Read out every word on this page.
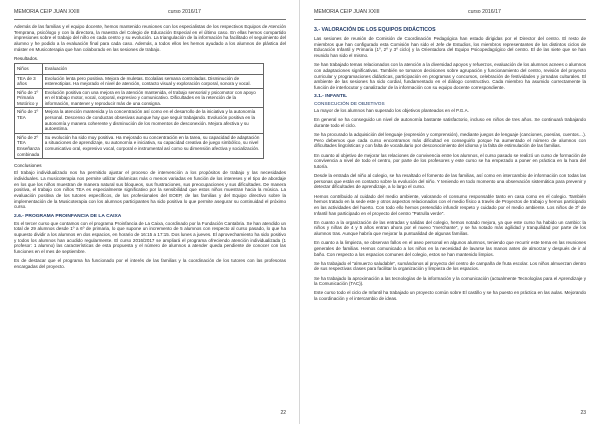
MEMORIA CEIP JUAN XXIII	curso 2016/17

Además de las familias y el equipo docente, hemos mantenido reuniones con los especialistas de los respectivos Equipos de Atención Temprana, psicólogo y con la directora, la maestra del Colegio de Educación Especial en el último caso. En ellas hemos compartido impresiones sobre el trabajo del niño en cada centro y su evolución. La triangulación de la información ha facilitado el seguimiento del alumno y he podido a la evaluación final para cada caso. Además, a todos ellos les hemos ayudado a los alumnos de plástica del máster en Musicoterapia que han colaborado en las sesiones de trabajo.

Resultados.
Niños	Evaluación
TEA de 3 años	Evolución lenta pero positiva. Mejora de muletas. Ecolalias semana controladas. Disminución de estereotipias. Ha mejorado el nivel de atención, contacto visual y exploración corporal, sonora y vocal.
Niño de 1º Primaria Motórico y	Evolución positiva con una mejora en la atención mantenida, el trabajo sensorial y psicomotor con apoyo en el trabajo motor, vocal, corporal, expresivo y comunicativo. Dificultades en la retención de la información, mantener y reproducir más de una consigna.
Niño de 1º TEA	Mejora la atención mantenida y la concentración así como en el desarrollo de la iniciativa y la autonomía personal. Descenso de conductas obsesivas aunque hay que seguir trabajando. Evolución positiva en la autonomía y manera coherente y disminución de los momentos de desconexión. Mejora afectiva y su autoestima.
Niño de 2º TEA Enseñanza combinada	Su evolución ha sido muy positiva. Ha mejorado su concentración en la tarea, su capacidad de adaptación a situaciones de aprendizaje, su autonomía e iniciativa, su capacidad creativa de juego simbólico, su nivel comunicativo oral, expresivo vocal, corporal e instrumental así como su dimensión afectiva y socialización.
Conclusiones

El trabajo individualizado nos ha permitido ajustar el proceso de intervención a los propósitos de trabajo y las necesidades individuales. La musicoterapia nos permite utilizar dinámicas más o menos variadas en función de los intereses y el tipo de abordaje en los que los niños muestran de manera natural sus bloqueos, sus frustraciones, sus preocupaciones y sus dificultades. De manera positiva, el trabajo con niños TEA es especialmente significativo por la sensibilidad que estos niños muestran hacia la música. La evaluación positiva de los tutores específicos, de los profesionales del EOEP, de las familias y del Equipo directivo sobre la implementación de la Musicoterapia con los alumnos participantes ha sido positiva lo que permite asegurar su continuidad el próximo curso.

2.6.- PROGRAMA PROINFANCIA DE LA CAIXA

Es el tercer curso que contamos con el programa Proinfancia de La Caixa, coordinado por la Fundación Cantabria. Se han atendido un total de 29 alumnos desde 1º a 6º de primaria, lo que supone un incremento de 5 alumnos con respecto al curso pasado, lo que ha supuesto dividir a los alumnos en dos espacios, en horario de 16:15 a 17:15. Dos lunes a jueves. El aprovechamiento ha sido positivo y todos los alumnos han acudido regularmente. El curso 2016/2017 se ampliará el programa ofreciendo atención individualizada (1 profesor: 1 alumno) las características de esta propuesta y el número de alumnos a atender queda pendiente de conocer con las funciones en el mes de septiembre.

Es de destacar que el programa ha funcionado por el interés de las familias y la coordinación de los tutores con las profesoras encargadas del proyecto.

22
MEMORIA CEIP JUAN XXIII	curso 2016/17
3.- VALORACIÓN DE LOS EQUIPOS DIDÁCTICOS

Las sesiones de reunión de Comisión de Coordinación Pedagógica han estado dirigidas por el Director del centro. El resto de miembros que han configurado esta Comisión han sido el Jefe de Estudios, los miembros representantes de los distintos ciclos de Educación Infantil y Primaria (1º, 2º y 3º ciclo) y la Orientadora del Equipo Psicopedagógico del centro. El de las siete que se han reunido han sido el mismo.

Se han trabajado temas relacionados con la atención a la diversidad apoyos y refuerzos, evaluación de los alumnos acnees o alumnos con adaptaciones significativas. También se tomaron decisiones sobre agrupación y funcionamiento del centro, revisión del proyecto curricular y programaciones didácticas, participación en programas y concursos, celebración de festividades y jornadas culturales. El ambiente de las sesiones ha sido cordial, fundamentado en el diálogo constructivo. Cada miembro ha asumido correctamente la función de interlocutor y canalizador de la información con su equipo docente correspondiente.

3.1.- INFANTIL
CONSECUCIÓN DE OBJETIVOS

La mayor de los alumnos han superado los objetivos planteados en el P.G.A.

En general se ha conseguido un nivel de autonomía bastante satisfactorio, incluso en niños de tres años. Se continuará trabajando durante todo el ciclo.

Se ha procurado la adquisición del lenguaje (expresión y comprensión), mediante juegos de lenguaje (canciones, poesías, cuentos…). Pero debemos que cada curso encontramos más dificultad en conseguirlo porque ha aumentado el número de alumnos con dificultades lingüísticas y con falta de vocabulario por desconocimiento del idioma y la falta de estimulación de las familias.

En cuanto al objetivo de mejorar las relaciones de convivencia entre los alumnos, el curso pasado se realizó un curso de formación de convivencia a nivel de todo el centro, por parte de los profesores y este curso se ha empezado a poner en práctica en la hora del tutoría.

Desde la entrada del niño al colegio, se ha resaltado el fomento de las familias, así como en intercambio de información con todas las personas que están en contacto sobre la evolución del niño. Y teniendo en todo momento una observación sistemática para prevenir y detectar dificultades de aprendizaje, a lo largo el curso.

Hemos contribuido al cuidado del medio ambiente, valorando el consumo responsable tanto en casa como en el colegio. También hemos tratado en la sede este y otros aspectos relacionados con el medio físico a través de Proyectos de trabajo y hemos participado en las actividades del huerto. Con todo ello hemos pretendido infundir respeto y cuidado por el medio ambiente. Los niños de 3º de Infantil han participado en el proyecto del centro "Patrulla verde".

En cuanto a la organización de las entradas y salidas del colegio, hemos notado mejora, ya que este curso ha habido un cambio: la niños y niñas de 4 y 5 años entran ahora por el nuevo "merchante", y se ha notado más agilidad y tranquilidad por parte de los alumnos tras. Aunque habría que mejorar la puntualidad de algunas familias.

En cuanto a la limpieza, se observan fallos en el aseo personal en algunos alumnos, teniendo que recurrir este tema en las reuniones generales de familias. Hemos comunicado a los niños en la necesidad de lavarse las manos antes de almorzar y después de ir al baño. Con respecto a los espacios comunes del colegio, estos se han mantenido limpios.

Se ha trabajado el "almuerzo saludable", sumándonos al proyecto del centro de campaña de fruta escolar. Los niños almuerzan dentro de sus respectivas clases para facilitar la organización y limpieza de los espacios.

Se ha trabajado la aproximación a las tecnologías de la información y la comunicación (actualmente Tecnologías para el Aprendizaje y la Comunicación (TAC)).

Este curso todo el ciclo de Infantil ha trabajado un proyecto común sobre El castillo y se ha puesto en práctica en las aulas. Mejorando la coordinación y el intercambio de ideas.

23
